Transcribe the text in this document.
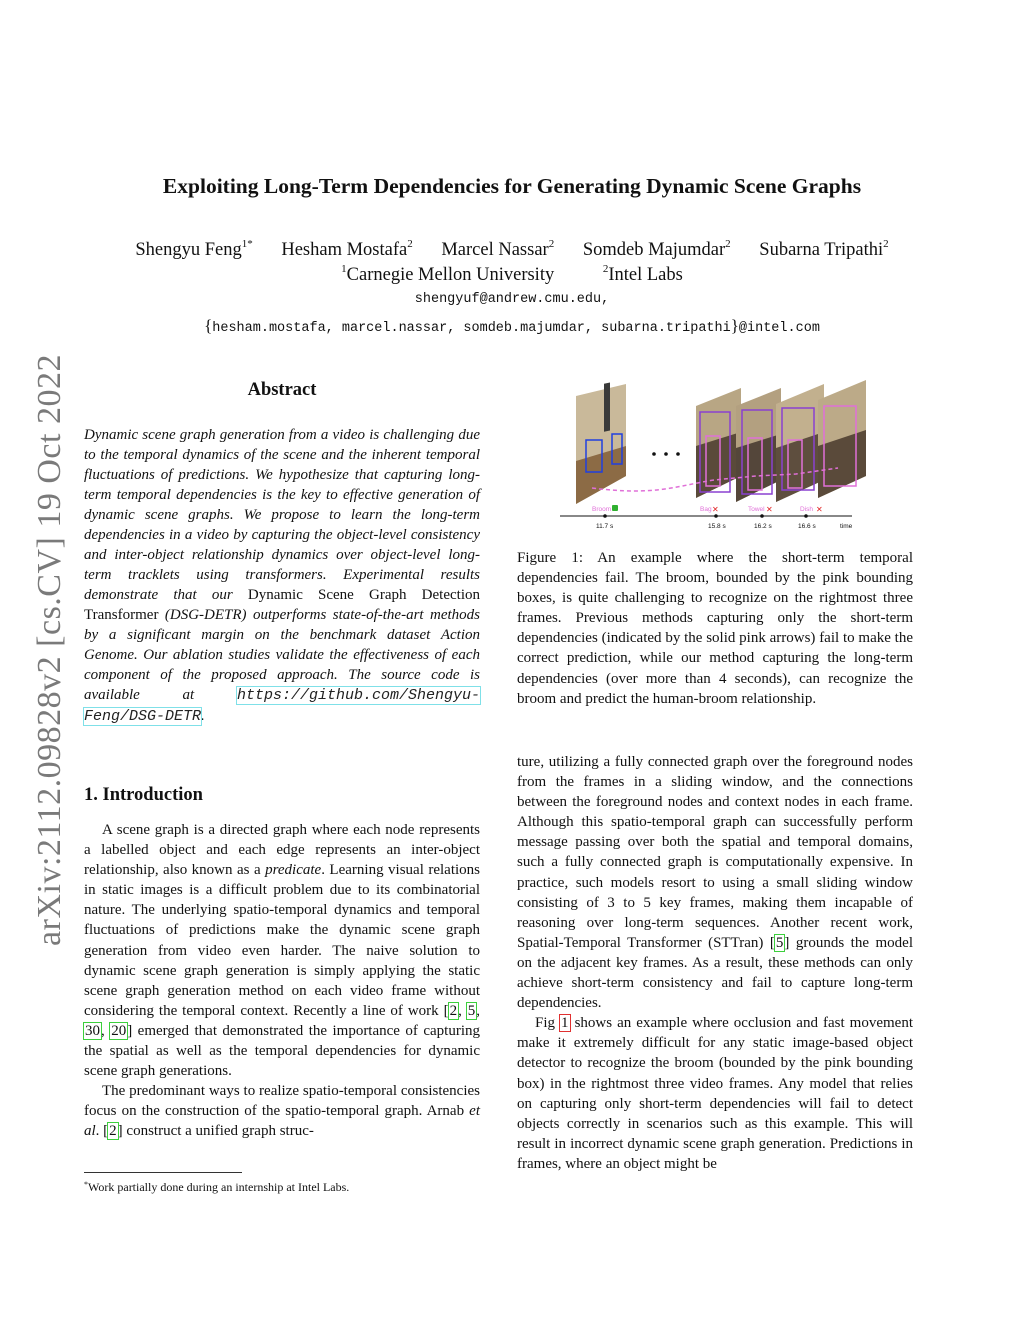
arXiv:2112.09828v2 [cs.CV] 19 Oct 2022
Exploiting Long-Term Dependencies for Generating Dynamic Scene Graphs
Shengyu Feng$^{1*}$ Hesham Mostafa$^2$ Marcel Nassar$^2$ Somdeb Majumdar$^2$ Subarna Tripathi$^2$
$^1$Carnegie Mellon University	$^2$Intel Labs
shengyuf@andrew.cmu.edu,
{hesham.mostafa, marcel.nassar, somdeb.majumdar, subarna.tripathi}@intel.com
Abstract
Dynamic scene graph generation from a video is challenging due to the temporal dynamics of the scene and the inherent temporal fluctuations of predictions. We hypothesize that capturing long-term temporal dependencies is the key to effective generation of dynamic scene graphs. We propose to learn the long-term dependencies in a video by capturing the object-level consistency and inter-object relationship dynamics over object-level long-term tracklets using transformers. Experimental results demonstrate that our Dynamic Scene Graph Detection Transformer (DSG-DETR) outperforms state-of-the-art methods by a significant margin on the benchmark dataset Action Genome. Our ablation studies validate the effectiveness of each component of the proposed approach. The source code is available at https://github.com/Shengyu-Feng/DSG-DETR.
1. Introduction

A scene graph is a directed graph where each node represents a labelled object and each edge represents an inter-object relationship, also known as a predicate. Learning visual relations in static images is a difficult problem due to its combinatorial nature. The underlying spatio-temporal dynamics and temporal fluctuations of predictions make the dynamic scene graph generation from video even harder. The naive solution to dynamic scene graph generation is simply applying the static scene graph generation method on each video frame without considering the temporal context. Recently a line of work [2, 5, 30, 20] emerged that demonstrated the importance of capturing the spatial as well as the temporal dependencies for dynamic scene graph generations.

The predominant ways to realize spatio-temporal consistencies focus on the construction of the spatio-temporal graph. Arnab et al. [2] construct a unified graph struc-

*Work partially done during an internship at Intel Labs.
Broom	Bag ✕	Towel ✕	Dish ✕
11.7 s	15.8 s	16.2 s	16.6 s	time
Figure 1: An example where the short-term temporal dependencies fail. The broom, bounded by the pink bounding boxes, is quite challenging to recognize on the rightmost three frames. Previous methods capturing only the short-term dependencies (indicated by the solid pink arrows) fail to make the correct prediction, while our method capturing the long-term dependencies (over more than 4 seconds), can recognize the broom and predict the human-broom relationship.

ture, utilizing a fully connected graph over the foreground nodes from the frames in a sliding window, and the connections between the foreground nodes and context nodes in each frame. Although this spatio-temporal graph can successfully perform message passing over both the spatial and temporal domains, such a fully connected graph is computationally expensive. In practice, such models resort to using a small sliding window consisting of 3 to 5 key frames, making them incapable of reasoning over long-term sequences. Another recent work, Spatial-Temporal Transformer (STTran) [5] grounds the model on the adjacent key frames. As a result, these methods can only achieve short-term consistency and fail to capture long-term dependencies.

Fig 1 shows an example where occlusion and fast movement make it extremely difficult for any static image-based object detector to recognize the broom (bounded by the pink bounding box) in the rightmost three video frames. Any model that relies on capturing only short-term dependencies will fail to detect objects correctly in scenarios such as this example. This will result in incorrect dynamic scene graph generation. Predictions in frames, where an object might be
